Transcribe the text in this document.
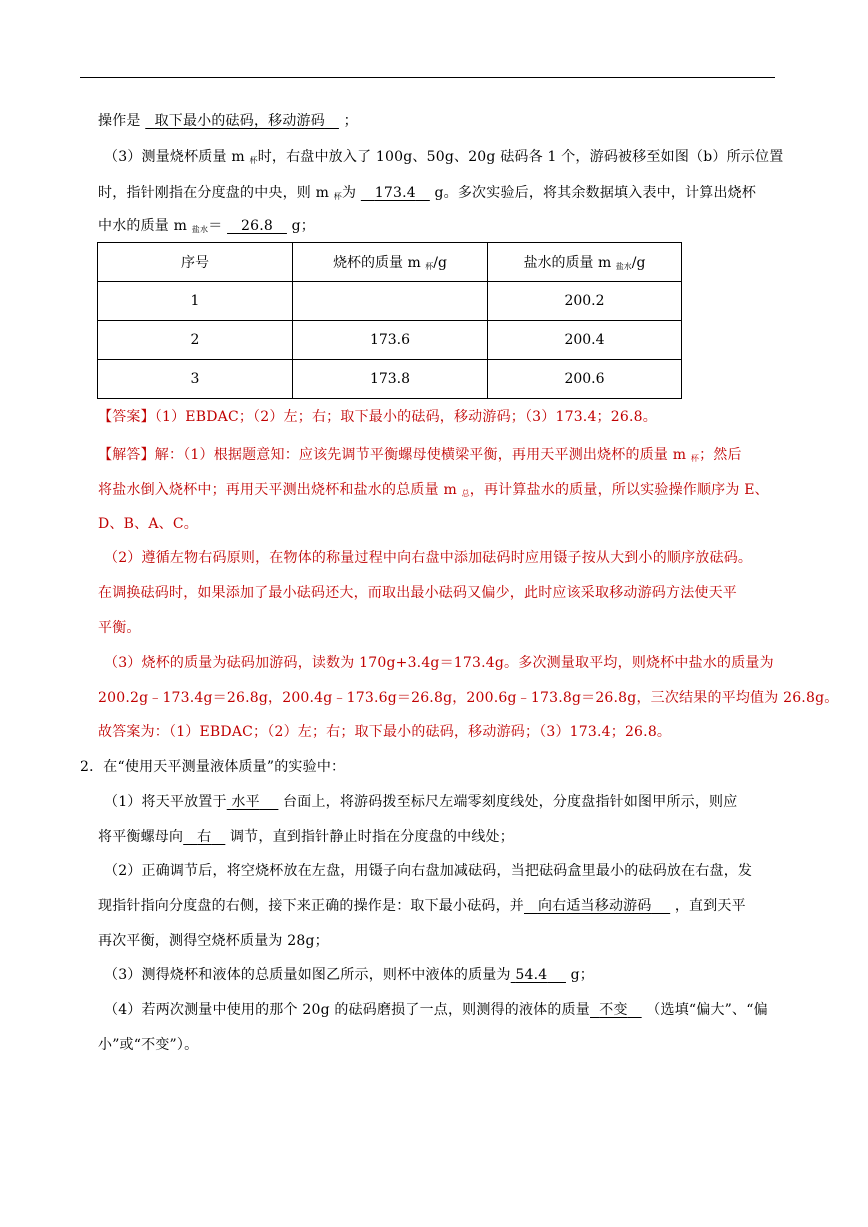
操作是   取下最小的砝码，移动游码    ；
（3）测量烧杯质量 m $_杯$时，右盘中放入了 100g、50g、20g 砝码各 1 个，游码被移至如图（b）所示位置
时，指针刚指在分度盘的中央，则 m $_杯$为    173.4    g。多次实验后，将其余数据填入表中，计算出烧杯
中水的质量 m $_{盐水}$＝    26.8    g；
序号	烧杯的质量 m $_杯$/g	盐水的质量 m $_{盐水}$/g
1		200.2
2	173.6	200.4
3	173.8	200.6
【答案】（1）EBDAC；（2）左；右；取下最小的砝码，移动游码；（3）173.4；26.8。
【解答】解：（1）根据题意知：应该先调节平衡螺母使横梁平衡，再用天平测出烧杯的质量 m $_杯$；然后
将盐水倒入烧杯中；再用天平测出烧杯和盐水的总质量 m $_总$，再计算盐水的质量，所以实验操作顺序为 E、
D、B、A、C。
（2）遵循左物右码原则，在物体的称量过程中向右盘中添加砝码时应用镊子按从大到小的顺序放砝码。
在调换砝码时，如果添加了最小砝码还大，而取出最小砝码又偏少，此时应该采取移动游码方法使天平
平衡。
（3）烧杯的质量为砝码加游码，读数为 170g+3.4g＝173.4g。多次测量取平均，则烧杯中盐水的质量为
200.2g﹣173.4g＝26.8g，200.4g﹣173.6g＝26.8g，200.6g﹣173.8g＝26.8g，三次结果的平均值为 26.8g。
故答案为：（1）EBDAC；（2）左；右；取下最小的砝码，移动游码；（3）173.4；26.8。
2．在“使用天平测量液体质量”的实验中：
（1）将天平放置于 水平     台面上，将游码拨至标尺左端零刻度线处，分度盘指针如图甲所示，则应
将平衡螺母向 右    调节，直到指针静止时指在分度盘的中线处；
（2）正确调节后，将空烧杯放在左盘，用镊子向右盘加减砝码，当把砝码盒里最小的砝码放在右盘，发
现指针指向分度盘的右侧，接下来正确的操作是：取下最小砝码，并 向右适当移动游码     ，直到天平
再次平衡，测得空烧杯质量为 28g；
（3）测得烧杯和液体的总质量如图乙所示，则杯中液体的质量为 54.4     g；
（4）若两次测量中使用的那个 20g 的砝码磨损了一点，则测得的液体的质量 不变    （选填“偏大”、“偏
小”或“不变”）。
